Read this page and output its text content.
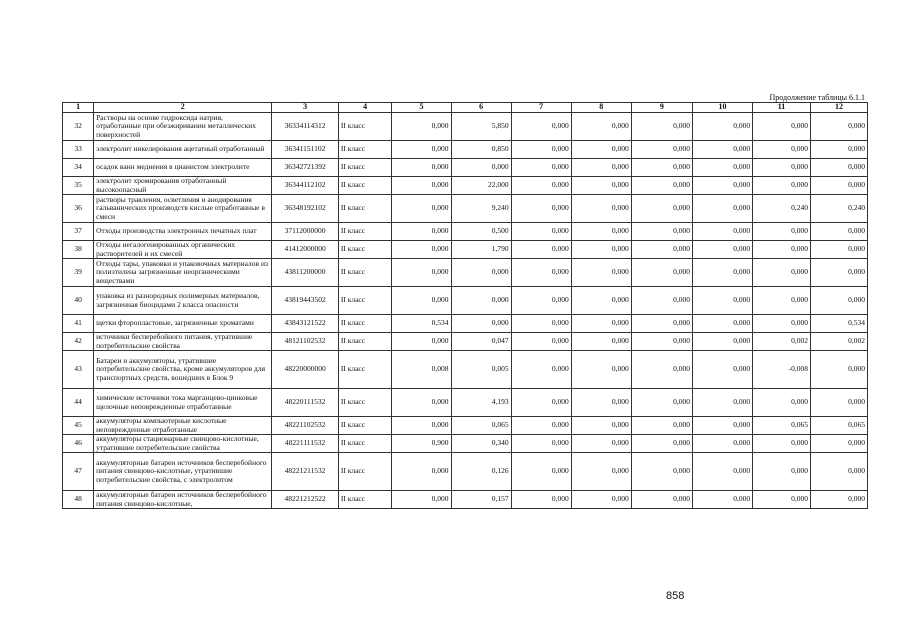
Продолжение таблицы 6.1.1
1	2	3	4	5	6	7	8	9	10	11	12
32	Растворы на основе гидроксида натрия, отработанные при обезжиривании металлических поверхностей	36334114312	II класс	0,000	5,850	0,000	0,000	0,000	0,000	0,000	0,000
33	электролит никелирования ацетатный отработанный	36341151102	II класс	0,000	0,850	0,000	0,000	0,000	0,000	0,000	0,000
34	осадок ванн меднения в цианистом электролите	36342721392	II класс	0,000	0,000	0,000	0,000	0,000	0,000	0,000	0,000
35	электролит хромирования отработанный высокоопасный	36344112102	II класс	0,000	22,000	0,000	0,000	0,000	0,000	0,000	0,000
36	растворы травления, осветления и анодирования гальванических производств кислые отработанные в смеси	36348192102	II класс	0,000	9,240	0,000	0,000	0,000	0,000	0,240	0,240
37	Отходы производства электронных печатных плат	37112000000	II класс	0,000	0,500	0,000	0,000	0,000	0,000	0,000	0,000
38	Отходы негалогенированных органических растворителей и их смесей	41412000000	II класс	0,000	1,790	0,000	0,000	0,000	0,000	0,000	0,000
39	Отходы тары, упаковки и упаковочных материалов из полиэтилена загрязненные неорганическими веществами	43811200000	II класс	0,000	0,000	0,000	0,000	0,000	0,000	0,000	0,000
40	упаковка из разнородных полимерных материалов, загрязненная биоцидами 2 класса опасности	43819443502	II класс	0,000	0,000	0,000	0,000	0,000	0,000	0,000	0,000
41	щетки фторопластовые, загрязненные хроматами	43843121522	II класс	0,534	0,000	0,000	0,000	0,000	0,000	0,000	0,534
42	источники бесперебойного питания, утратившие потребительские свойства	48121102532	II класс	0,000	0,047	0,000	0,000	0,000	0,000	0,002	0,002
43	Батареи и аккумуляторы, утратившие потребительские свойства, кроме аккумуляторов для транспортных средств, вошедших в Блок 9	48220000000	II класс	0,008	0,005	0,000	0,000	0,000	0,000	-0,008	0,000
44	химические источники тока марганцево-цинковые щелочные неповрежденные отработанные	48220111532	II класс	0,000	4,193	0,000	0,000	0,000	0,000	0,000	0,000
45	аккумуляторы компьютерные кислотные неповрежденные отработанные	48221102532	II класс	0,000	0,065	0,000	0,000	0,000	0,000	0,065	0,065
46	аккумуляторы стационарные свинцово-кислотные, утратившие потребительские свойства	48221111532	II класс	0,900	0,340	0,000	0,000	0,000	0,000	0,000	0,000
47	аккумуляторные батареи источников бесперебойного питания свинцово-кислотные, утратившие потребительские свойства, с электролитом	48221211532	II класс	0,000	0,126	0,000	0,000	0,000	0,000	0,000	0,000
48	аккумуляторные батареи источников бесперебойного питания свинцово-кислотные,	48221212522	II класс	0,000	0,157	0,000	0,000	0,000	0,000	0,000	0,000
858
